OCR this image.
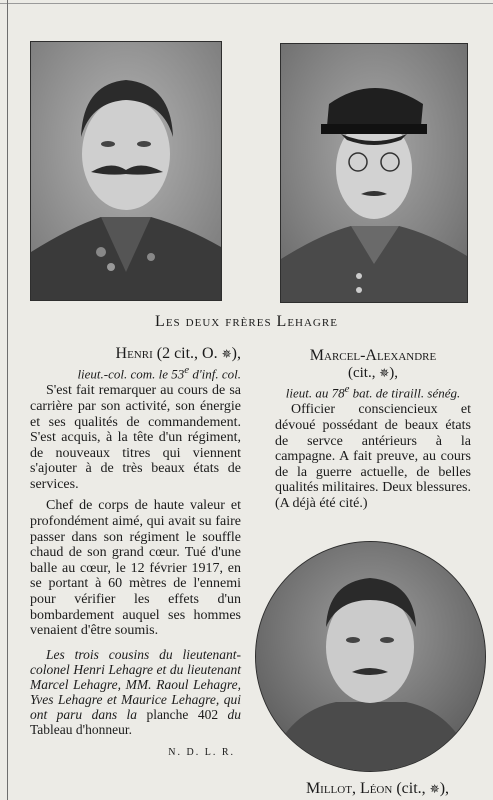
Les deux frères Lehagre
Henri (2 cit., O. ✵),
lieut.-col. com. le 53e d'inf. col.

S'est fait remarquer au cours de sa carrière par son activité, son énergie et ses qualités de commandement. S'est acquis, à la tête d'un régiment, de nouveaux titres qui viennent s'ajouter à de très beaux états de services.

Chef de corps de haute valeur et profondément aimé, qui avait su faire passer dans son régiment le souffle chaud de son grand cœur. Tué d'une balle au cœur, le 12 février 1917, en se portant à 60 mètres de l'ennemi pour vérifier les effets d'un bombardement auquel ses hommes venaient d'être soumis.

Les trois cousins du lieutenant-colonel Henri Lehagre et du lieutenant Marcel Lehagre, MM. Raoul Lehagre, Yves Lehagre et Maurice Lehagre, qui ont paru dans la planche 402 du Tableau d'honneur.
N. D. L. R.
Marcel-Alexandre
(cit., ✵),
lieut. au 78e bat. de tiraill. sénég.

Officier consciencieux et dévoué possédant de beaux états de servce antérieurs à la campagne. A fait preuve, au cours de la guerre actuelle, de belles qualités militaires. Deux blessures. (A déjà été cité.)

Millot, Léon (cit., ✵),
